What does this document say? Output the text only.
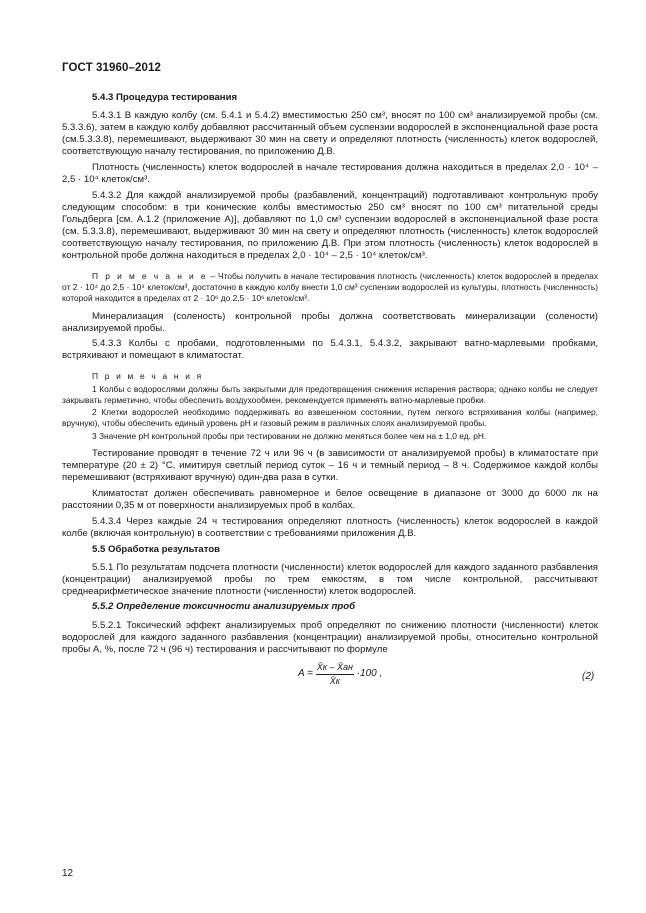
ГОСТ 31960–2012

5.4.3 Процедура тестирования

5.4.3.1 В каждую колбу (см. 5.4.1 и 5.4.2) вместимостью 250 см³, вносят по 100 см³ анализируемой пробы (см. 5.3.3.6), затем в каждую колбу добавляют рассчитанный объем суспензии водорослей в экспоненциальной фазе роста (см.5.3.3.8), перемешивают, выдерживают 30 мин на свету и определяют плотность (численность) клеток водорослей, соответствующую началу тестирования, по приложению Д.В.

Плотность (численность) клеток водорослей в начале тестирования должна находиться в пределах 2,0 · 10⁴ – 2,5 · 10⁴ клеток/см³.

5.4.3.2 Для каждой анализируемой пробы (разбавлений, концентраций) подготавливают контрольную пробу следующим способом: в три конические колбы вместимостью 250 см³ вносят по 100 см³ питательной среды Гольдберга [см. А.1.2 (приложение А)], добавляют по 1,0 см³ суспензии водорослей в экспоненциальной фазе роста (см. 5.3.3.8), перемешивают, выдерживают 30 мин на свету и определяют плотность (численность) клеток водорослей соответствующую началу тестирования, по приложению Д.В. При этом плотность (численность) клеток водорослей в контрольной пробе должна находиться в пределах 2,0 · 10⁴ – 2,5 · 10⁴ клеток/см³.

П р и м е ч а н и е – Чтобы получить в начале тестирования плотность (численность) клеток водорослей в пределах от 2 · 10⁴ до 2,5 · 10⁴ клеток/см³, достаточно в каждую колбу внести 1,0 см³ суспензии водорослей из культуры, плотность (численность) которой находится в пределах от 2 · 10⁶ до 2,5 · 10⁶ клеток/см³.

Минерализация (соленость) контрольной пробы должна соответствовать минерализации (солености) анализируемой пробы.

5.4.3.3 Колбы с пробами, подготовленными по 5.4.3.1, 5.4.3.2, закрывают ватно-марлевыми пробками, встряхивают и помещают в климатостат.

П р и м е ч а н и я

1 Колбы с водорослями должны быть закрытыми для предотвращения снижения испарения раствора; однако колбы не следует закрывать герметично, чтобы обеспечить воздухообмен, рекомендуется применять ватно-марлевые пробки.

2 Клетки водорослей необходимо поддерживать во взвешенном состоянии, путем легкого встряхивания колбы (например, вручную), чтобы обеспечить единый уровень pH и газовый режим в различных слоях анализируемой пробы.

3 Значение pH контрольной пробы при тестировании не должно меняться более чем на ± 1,0 ед. pH.

Тестирование проводят в течение 72 ч или 96 ч (в зависимости от анализируемой пробы) в климатостате при температуре (20 ± 2) °С, имитируя светлый период суток – 16 ч и темный период – 8 ч. Содержимое каждой колбы перемешивают (встряхивают вручную) один-два раза в сутки.

Климатостат должен обеспечивать равномерное и белое освещение в диапазоне от 3000 до 6000 лк на расстоянии 0,35 м от поверхности анализируемых проб в колбах.

5.4.3.4 Через каждые 24 ч тестирования определяют плотность (численность) клеток водорослей в каждой колбе (включая контрольную) в соответствии с требованиями приложения Д.В.

5.5 Обработка результатов

5.5.1 По результатам подсчета плотности (численности) клеток водорослей для каждого заданного разбавления (концентрации) анализируемой пробы по трем емкостям, в том числе контрольной, рассчитывают среднеарифметическое значение плотности (численности) клеток водорослей.

5.5.2 Определение токсичности анализируемых проб

5.5.2.1 Токсический эффект анализируемых проб определяют по снижению плотности (численности) клеток водорослей для каждого заданного разбавления (концентрации) анализируемой пробы, относительно контрольной пробы А, %, после 72 ч (96 ч) тестирования и рассчитывают по формуле

$A = \frac{X̄к - X̄ан}{X̄к} \cdot 100$ ,	(2)
12
